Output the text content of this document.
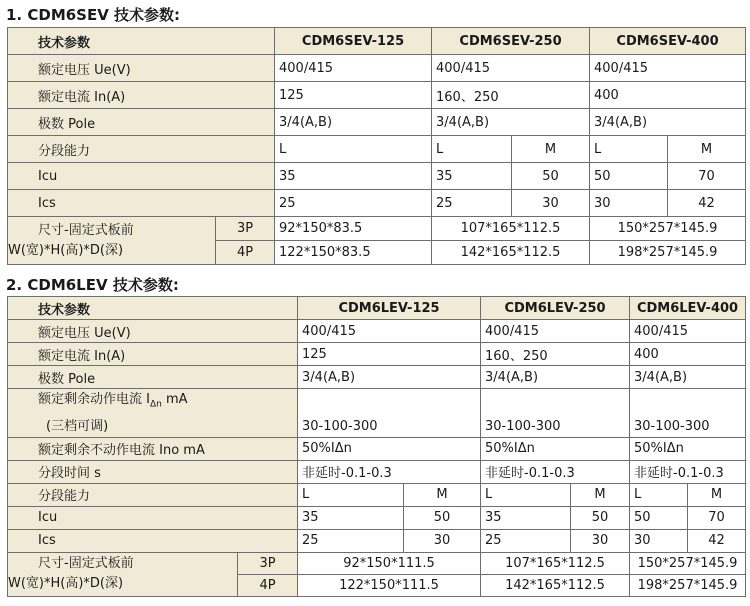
1. CDM6SEV 技术参数:
技术参数		CDM6SEV-125	CDM6SEV-250		CDM6SEV-400	
额定电压 Ue(V)		400/415	400/415		400/415	
额定电流 In(A)		125	160、250		400	
极数 Pole		3/4(A,B)	3/4(A,B)		3/4(A,B)	
分段能力		L	L	M	L	M
Icu		35	35	50	50	70
Ics		25	25	30	30	42

尺寸-固定式板前
W(宽)*H(高)*D(深)	3P	92*150*83.5	107*165*112.5		150*257*145.9	
	4P	122*150*83.5	142*165*112.5		198*257*145.9	
2. CDM6LEV 技术参数:
技术参数		CDM6LEV-125		CDM6LEV-250		CDM6LEV-400	
额定电压 Ue(V)		400/415		400/415		400/415	
额定电流 In(A)		125		160、250		400	
极数 Pole		3/4(A,B)		3/4(A,B)		3/4(A,B)	

额定剩余动作电流 $I_{\Delta n}$ mA
(三档可调)		30-100-300		30-100-300		30-100-300	
额定剩余不动作电流 Ino mA		50%IΔn		50%IΔn		50%IΔn	
分段时间 s		非延时-0.1-0.3		非延时-0.1-0.3		非延时-0.1-0.3	
分段能力		L	M	L	M	L	M
Icu		35	50	35	50	50	70
Ics		25	30	25	30	30	42

尺寸-固定式板前
W(宽)*H(高)*D(深)	3P	92*150*111.5		107*165*112.5		150*257*145.9	
	4P	122*150*111.5		142*165*112.5		198*257*145.9	
